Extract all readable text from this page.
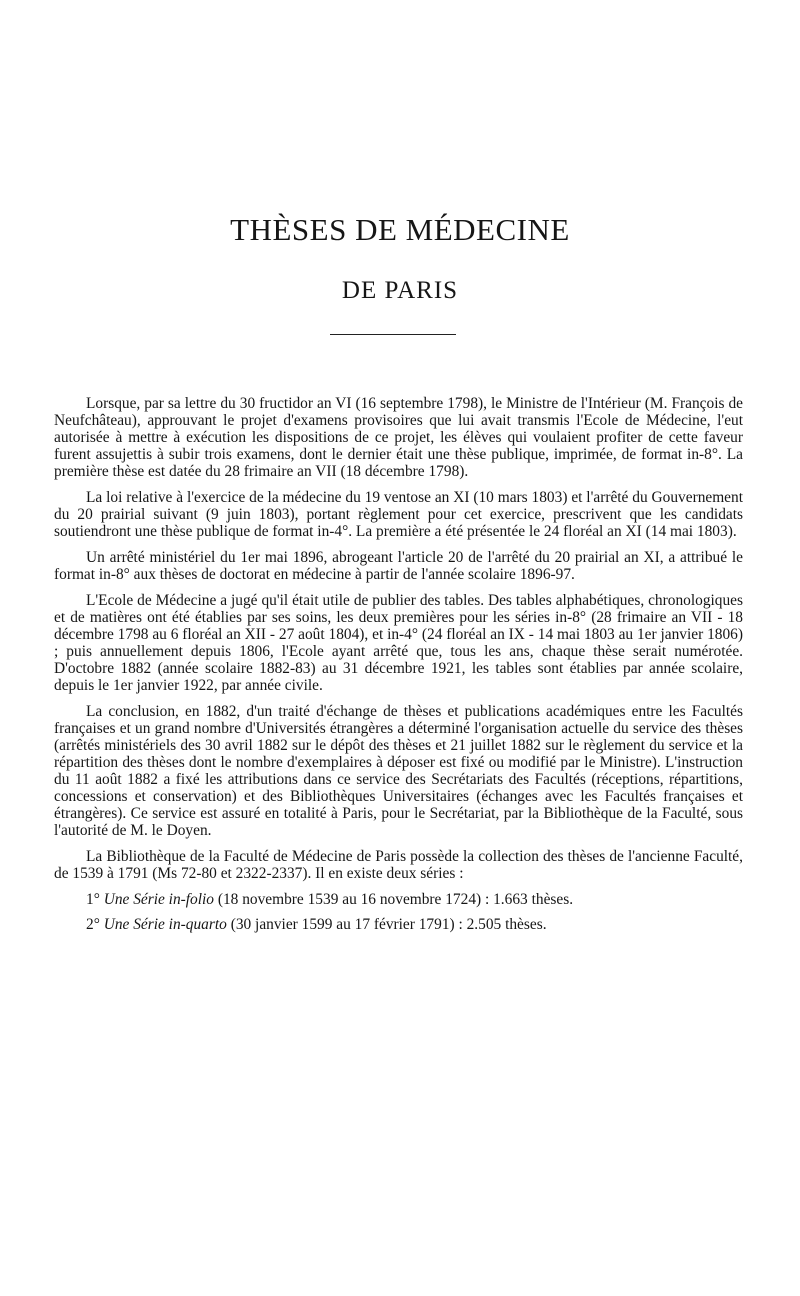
THÈSES DE MÉDECINE
DE PARIS

Lorsque, par sa lettre du 30 fructidor an VI (16 septembre 1798), le Ministre de l'Intérieur (M. François de Neufchâteau), approuvant le projet d'examens provisoires que lui avait transmis l'Ecole de Médecine, l'eut autorisée à mettre à exécution les dispositions de ce projet, les élèves qui voulaient profiter de cette faveur furent assujettis à subir trois examens, dont le dernier était une thèse publique, imprimée, de format in-8°. La première thèse est datée du 28 frimaire an VII (18 décembre 1798).

La loi relative à l'exercice de la médecine du 19 ventose an XI (10 mars 1803) et l'arrêté du Gouvernement du 20 prairial suivant (9 juin 1803), portant règlement pour cet exercice, prescrivent que les candidats soutiendront une thèse publique de format in-4°. La première a été présentée le 24 floréal an XI (14 mai 1803).

Un arrêté ministériel du 1er mai 1896, abrogeant l'article 20 de l'arrêté du 20 prairial an XI, a attribué le format in-8° aux thèses de doctorat en médecine à partir de l'année scolaire 1896-97.

L'Ecole de Médecine a jugé qu'il était utile de publier des tables. Des tables alphabétiques, chronologiques et de matières ont été établies par ses soins, les deux premières pour les séries in-8° (28 frimaire an VII - 18 décembre 1798 au 6 floréal an XII - 27 août 1804), et in-4° (24 floréal an IX - 14 mai 1803 au 1er janvier 1806) ; puis annuellement depuis 1806, l'Ecole ayant arrêté que, tous les ans, chaque thèse serait numérotée. D'octobre 1882 (année scolaire 1882-83) au 31 décembre 1921, les tables sont établies par année scolaire, depuis le 1er janvier 1922, par année civile.

La conclusion, en 1882, d'un traité d'échange de thèses et publications académiques entre les Facultés françaises et un grand nombre d'Universités étrangères a déterminé l'organisation actuelle du service des thèses (arrêtés ministériels des 30 avril 1882 sur le dépôt des thèses et 21 juillet 1882 sur le règlement du service et la répartition des thèses dont le nombre d'exemplaires à déposer est fixé ou modifié par le Ministre). L'instruction du 11 août 1882 a fixé les attributions dans ce service des Secrétariats des Facultés (réceptions, répartitions, concessions et conservation) et des Bibliothèques Universitaires (échanges avec les Facultés françaises et étrangères). Ce service est assuré en totalité à Paris, pour le Secrétariat, par la Bibliothèque de la Faculté, sous l'autorité de M. le Doyen.

La Bibliothèque de la Faculté de Médecine de Paris possède la collection des thèses de l'ancienne Faculté, de 1539 à 1791 (Ms 72-80 et 2322-2337). Il en existe deux séries :

1° Une Série in-folio (18 novembre 1539 au 16 novembre 1724) : 1.663 thèses.
2° Une Série in-quarto (30 janvier 1599 au 17 février 1791) : 2.505 thèses.
